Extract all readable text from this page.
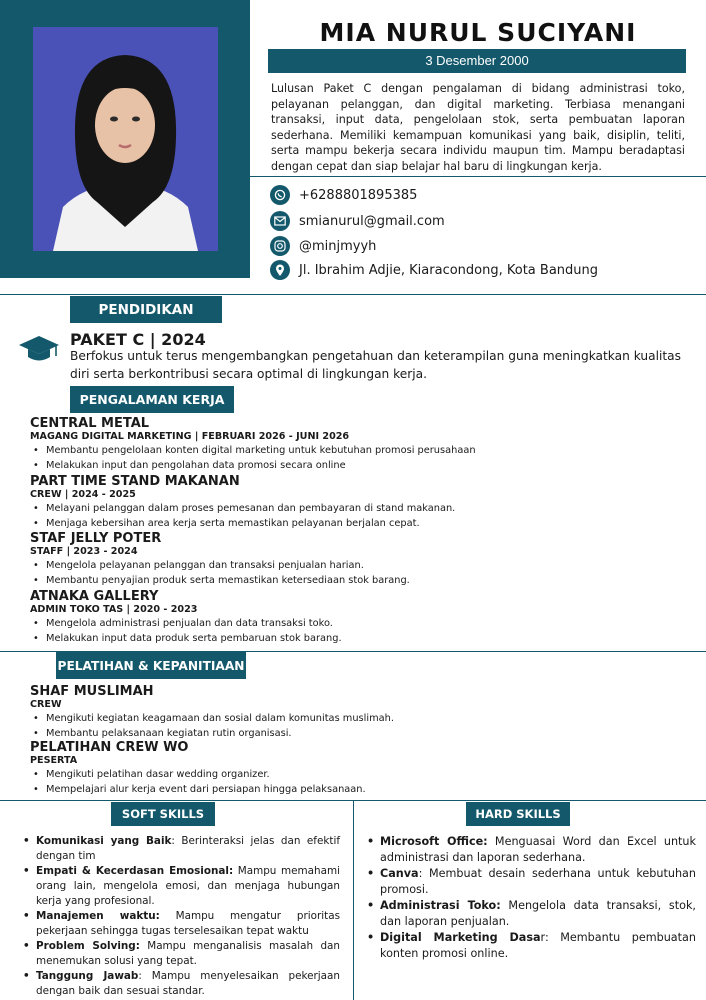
MIA NURUL SUCIYANI
3 Desember 2000
Lulusan Paket C dengan pengalaman di bidang administrasi toko, pelayanan pelanggan, dan digital marketing. Terbiasa menangani transaksi, input data, pengelolaan stok, serta pembuatan laporan sederhana. Memiliki kemampuan komunikasi yang baik, disiplin, teliti, serta mampu bekerja secara individu maupun tim. Mampu beradaptasi dengan cepat dan siap belajar hal baru di lingkungan kerja.
+6288801895385
smianurul@gmail.com
@minjmyyh
Jl. Ibrahim Adjie, Kiaracondong, Kota Bandung
PENDIDIKAN
PAKET C | 2024
Berfokus untuk terus mengembangkan pengetahuan dan keterampilan guna meningkatkan kualitas diri serta berkontribusi secara optimal di lingkungan kerja.
PENGALAMAN KERJA
CENTRAL METAL
MAGANG DIGITAL MARKETING | FEBRUARI 2026 - JUNI 2026
• Membantu pengelolaan konten digital marketing untuk kebutuhan promosi perusahaan
• Melakukan input dan pengolahan data promosi secara online
PART TIME STAND MAKANAN
CREW | 2024 - 2025
• Melayani pelanggan dalam proses pemesanan dan pembayaran di stand makanan.
• Menjaga kebersihan area kerja serta memastikan pelayanan berjalan cepat.
STAF JELLY POTER
STAFF | 2023 - 2024
• Mengelola pelayanan pelanggan dan transaksi penjualan harian.
• Membantu penyajian produk serta memastikan ketersediaan stok barang.
ATNAKA GALLERY
ADMIN TOKO TAS | 2020 - 2023
• Mengelola administrasi penjualan dan data transaksi toko.
• Melakukan input data produk serta pembaruan stok barang.
PELATIHAN & KEPANITIAAN
SHAF MUSLIMAH
CREW
• Mengikuti kegiatan keagamaan dan sosial dalam komunitas muslimah.
• Membantu pelaksanaan kegiatan rutin organisasi.
PELATIHAN CREW WO
PESERTA
• Mengikuti pelatihan dasar wedding organizer.
• Mempelajari alur kerja event dari persiapan hingga pelaksanaan.
SOFT SKILLS
• Komunikasi yang Baik: Berinteraksi jelas dan efektif dengan tim
• Empati & Kecerdasan Emosional: Mampu memahami orang lain, mengelola emosi, dan menjaga hubungan kerja yang profesional.
• Manajemen waktu: Mampu mengatur prioritas pekerjaan sehingga tugas terselesaikan tepat waktu
• Problem Solving: Mampu menganalisis masalah dan menemukan solusi yang tepat.
• Tanggung Jawab: Mampu menyelesaikan pekerjaan dengan baik dan sesuai standar.
HARD SKILLS
• Microsoft Office: Menguasai Word dan Excel untuk administrasi dan laporan sederhana.
• Canva: Membuat desain sederhana untuk kebutuhan promosi.
• Administrasi Toko: Mengelola data transaksi, stok, dan laporan penjualan.
• Digital Marketing Dasar: Membantu pembuatan konten promosi online.
